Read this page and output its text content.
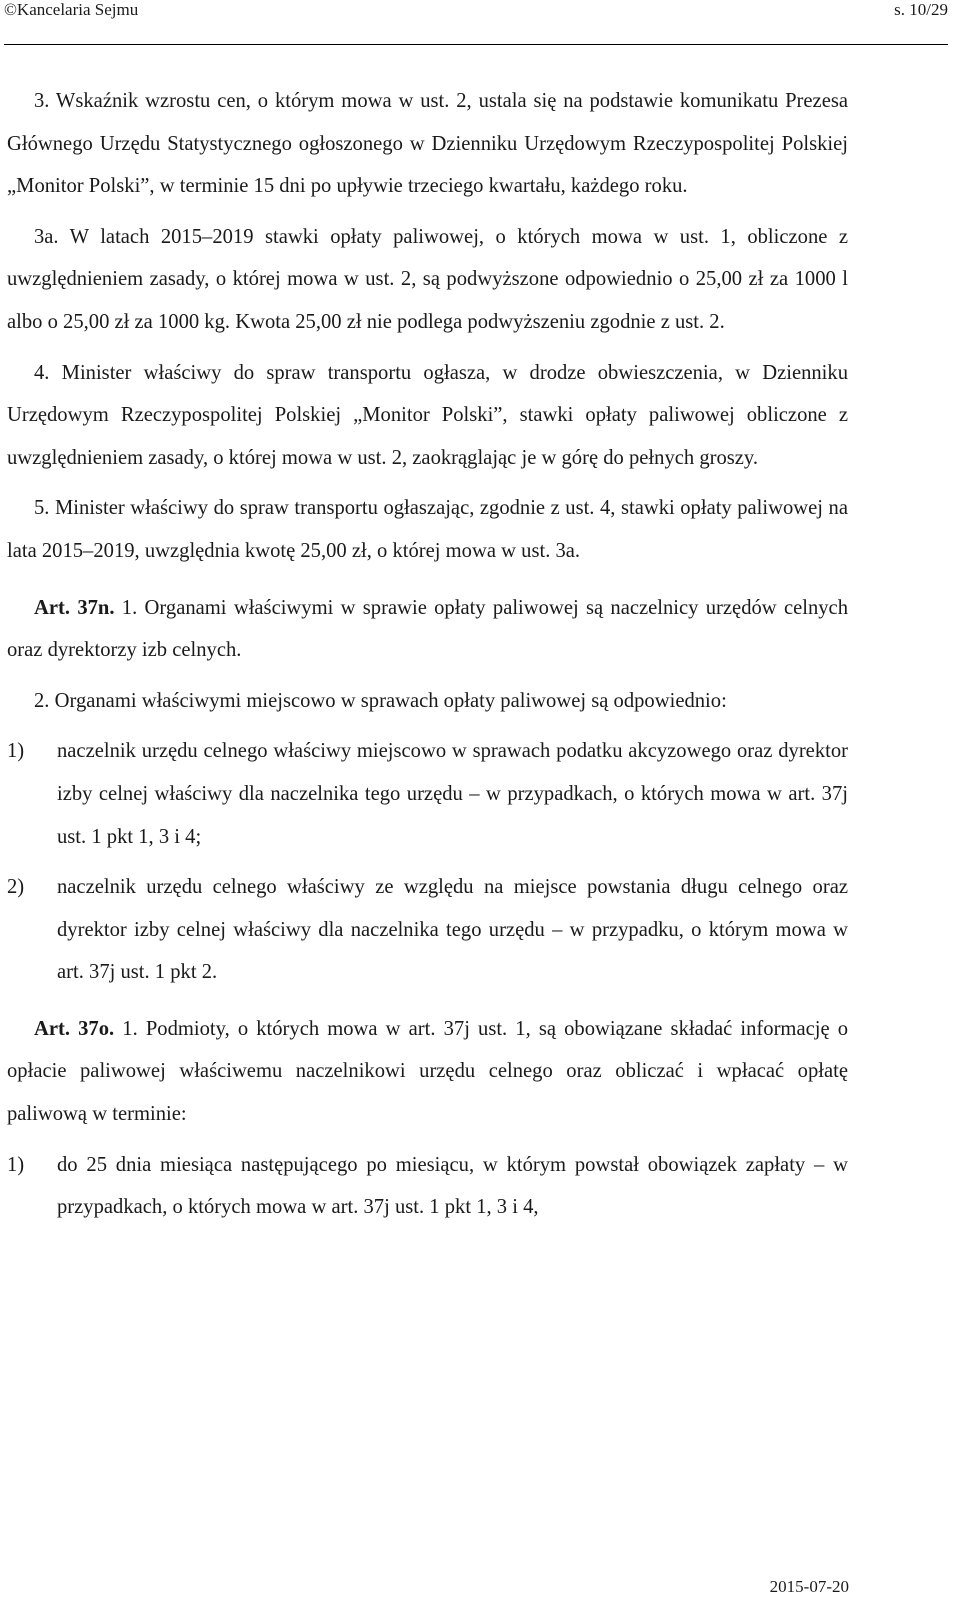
©Kancelaria Sejmu	s. 10/29

3. Wskaźnik wzrostu cen, o którym mowa w ust. 2, ustala się na podstawie komunikatu Prezesa Głównego Urzędu Statystycznego ogłoszonego w Dzienniku Urzędowym Rzeczypospolitej Polskiej „Monitor Polski”, w terminie 15 dni po upływie trzeciego kwartału, każdego roku.

3a. W latach 2015–2019 stawki opłaty paliwowej, o których mowa w ust. 1, obliczone z uwzględnieniem zasady, o której mowa w ust. 2, są podwyższone odpowiednio o 25,00 zł za 1000 l albo o 25,00 zł za 1000 kg. Kwota 25,00 zł nie podlega podwyższeniu zgodnie z ust. 2.

4. Minister właściwy do spraw transportu ogłasza, w drodze obwieszczenia, w Dzienniku Urzędowym Rzeczypospolitej Polskiej „Monitor Polski”, stawki opłaty paliwowej obliczone z uwzględnieniem zasady, o której mowa w ust. 2, zaokrąglając je w górę do pełnych groszy.

5. Minister właściwy do spraw transportu ogłaszając, zgodnie z ust. 4, stawki opłaty paliwowej na lata 2015–2019, uwzględnia kwotę 25,00 zł, o której mowa w ust. 3a.

Art. 37n. 1. Organami właściwymi w sprawie opłaty paliwowej są naczelnicy urzędów celnych oraz dyrektorzy izb celnych.

2. Organami właściwymi miejscowo w sprawach opłaty paliwowej są odpowiednio:

1) naczelnik urzędu celnego właściwy miejscowo w sprawach podatku akcyzowego oraz dyrektor izby celnej właściwy dla naczelnika tego urzędu – w przypadkach, o których mowa w art. 37j ust. 1 pkt 1, 3 i 4;
2) naczelnik urzędu celnego właściwy ze względu na miejsce powstania długu celnego oraz dyrektor izby celnej właściwy dla naczelnika tego urzędu – w przypadku, o którym mowa w art. 37j ust. 1 pkt 2.

Art. 37o. 1. Podmioty, o których mowa w art. 37j ust. 1, są obowiązane składać informację o opłacie paliwowej właściwemu naczelnikowi urzędu celnego oraz obliczać i wpłacać opłatę paliwową w terminie:

1) do 25 dnia miesiąca następującego po miesiącu, w którym powstał obowiązek zapłaty – w przypadkach, o których mowa w art. 37j ust. 1 pkt 1, 3 i 4,
2015-07-20
